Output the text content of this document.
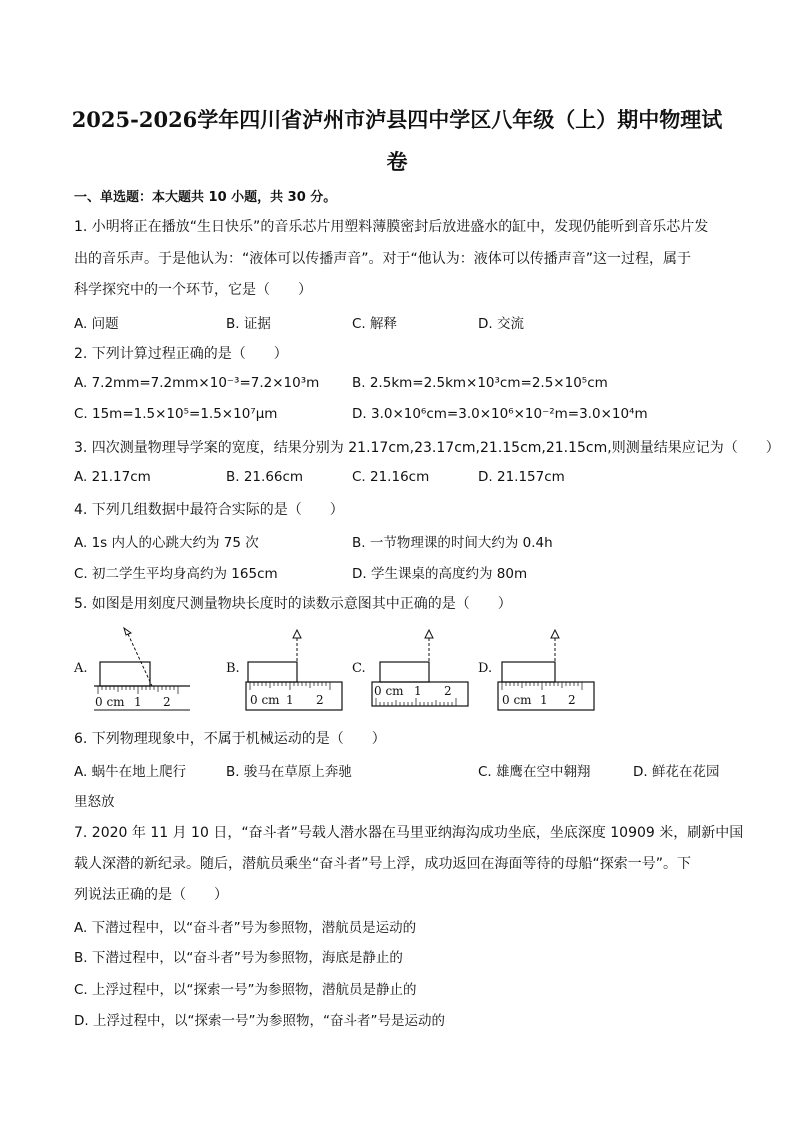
2025-2026学年四川省泸州市泸县四中学区八年级（上）期中物理试
卷
一、单选题：本大题共 10 小题，共 30 分。
1. 小明将正在播放“生日快乐”的音乐芯片用塑料薄膜密封后放进盛水的缸中，发现仍能听到音乐芯片发
出的音乐声。于是他认为：“液体可以传播声音”。对于“他认为：液体可以传播声音”这一过程，属于
科学探究中的一个环节，它是（　　）
A. 问题	B. 证据	C. 解释	D. 交流
2. 下列计算过程正确的是（　　）
A. 7.2mm=7.2mm×10⁻³=7.2×10³m B. 2.5km=2.5km×10³cm=2.5×10⁵cm
C. 15m=1.5×10⁵=1.5×10⁷μm	D. 3.0×10⁶cm=3.0×10⁶×10⁻²m=3.0×10⁴m
3. 四次测量物理导学案的宽度，结果分别为 21.17cm,23.17cm,21.15cm,21.15cm,则测量结果应记为（　　）
A. 21.17cm	B. 21.66cm	C. 21.16cm	D. 21.157cm
4. 下列几组数据中最符合实际的是（　　）
A. 1s 内人的心跳大约为 75 次	B. 一节物理课的时间大约为 0.4h
C. 初二学生平均身高约为 165cm	D. 学生课桌的高度约为 80m
5. 如图是用刻度尺测量物块长度时的读数示意图其中正确的是（　　）
A.
0 cm 1 2
B.
0 cm 1 2
C.
0 cm 1 2
D.
0 cm 1 2
6. 下列物理现象中，不属于机械运动的是（　　）
A. 蜗牛在地上爬行	B. 骏马在草原上奔驰	C. 雄鹰在空中翱翔	D. 鲜花在花园
里怒放
7. 2020 年 11 月 10 日，“奋斗者”号载人潜水器在马里亚纳海沟成功坐底，坐底深度 10909 米，刷新中国
载人深潜的新纪录。随后，潜航员乘坐“奋斗者”号上浮，成功返回在海面等待的母船“探索一号”。下
列说法正确的是（　　）
A. 下潜过程中，以“奋斗者”号为参照物，潜航员是运动的
B. 下潜过程中，以“奋斗者”号为参照物，海底是静止的
C. 上浮过程中，以“探索一号”为参照物，潜航员是静止的
D. 上浮过程中，以“探索一号”为参照物，“奋斗者”号是运动的
